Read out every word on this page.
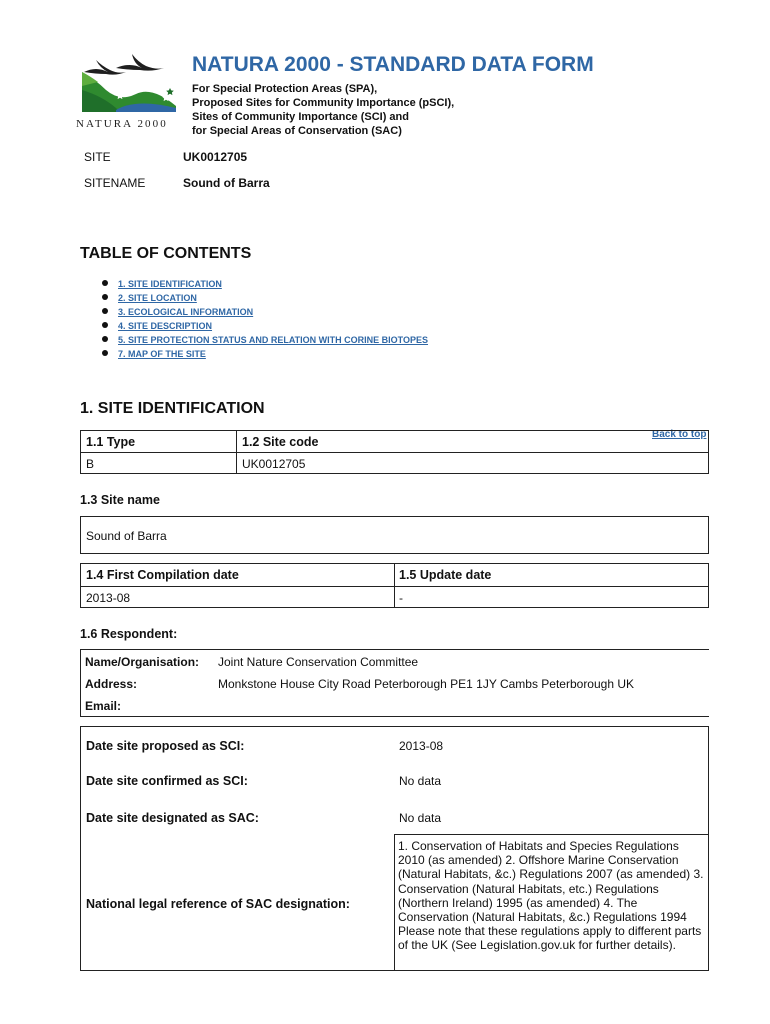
NATURA 2000
NATURA 2000 - STANDARD DATA FORM
For Special Protection Areas (SPA),
Proposed Sites for Community Importance (pSCI),
Sites of Community Importance (SCI) and
for Special Areas of Conservation (SAC)
SITE	UK0012705
SITENAME	Sound of Barra
TABLE OF CONTENTS
1. SITE IDENTIFICATION
2. SITE LOCATION
3. ECOLOGICAL INFORMATION
4. SITE DESCRIPTION
5. SITE PROTECTION STATUS AND RELATION WITH CORINE BIOTOPES
7. MAP OF THE SITE
1. SITE IDENTIFICATION
Back to top
1.1 Type	1.2 Site code
B	UK0012705
1.3 Site name
Sound of Barra
1.4 First Compilation date	1.5 Update date
2013-08	-
1.6 Respondent:
Name/Organisation: Joint Nature Conservation Committee
Address:	Monkstone House City Road Peterborough PE1 1JY Cambs Peterborough UK
Email:
Date site proposed as SCI:	2013-08
Date site confirmed as SCI:	No data
Date site designated as SAC:	No data
National legal reference of SAC designation:
1. Conservation of Habitats and Species Regulations 2010 (as amended) 2. Offshore Marine Conservation (Natural Habitats, &c.) Regulations 2007 (as amended) 3. Conservation (Natural Habitats, etc.) Regulations (Northern Ireland) 1995 (as amended) 4. The Conservation (Natural Habitats, &c.) Regulations 1994 Please note that these regulations apply to different parts of the UK (See Legislation.gov.uk for further details).
